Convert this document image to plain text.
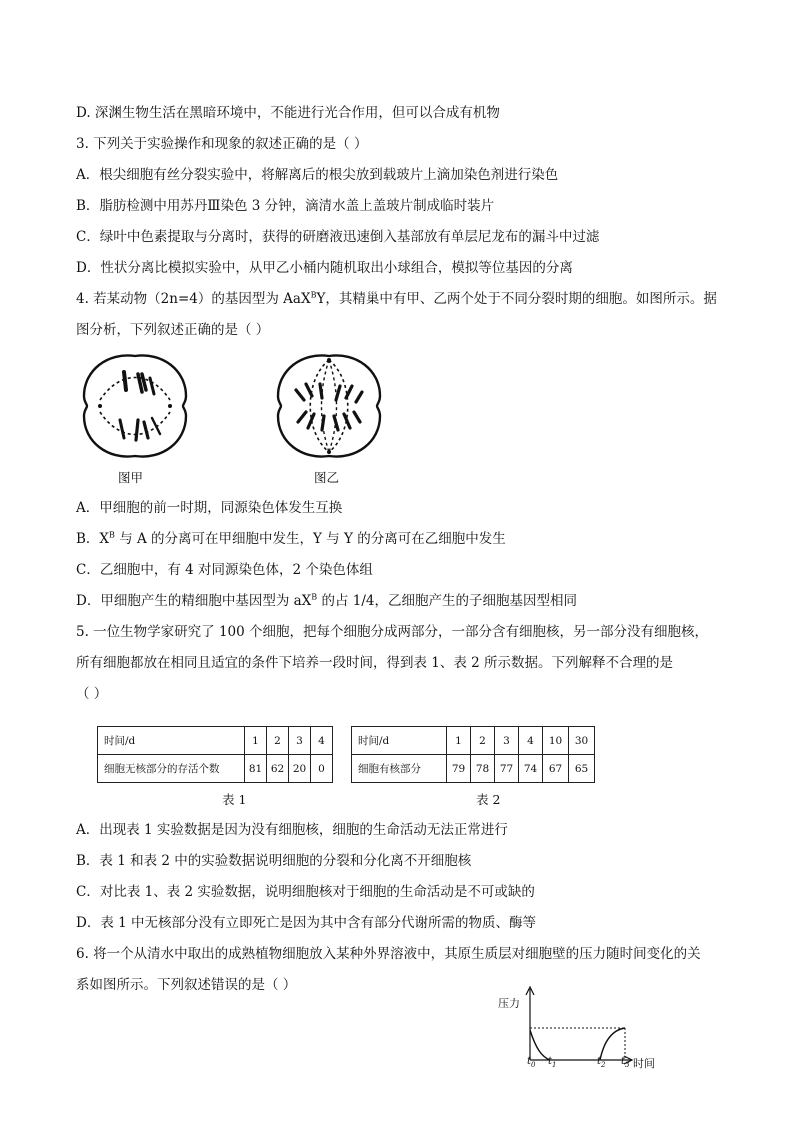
D. 深渊生物生活在黑暗环境中，不能进行光合作用，但可以合成有机物
3. 下列关于实验操作和现象的叙述正确的是（ ）
A．根尖细胞有丝分裂实验中，将解离后的根尖放到载玻片上滴加染色剂进行染色
B．脂肪检测中用苏丹Ⅲ染色 3 分钟，滴清水盖上盖玻片制成临时装片
C．绿叶中色素提取与分离时，获得的研磨液迅速倒入基部放有单层尼龙布的漏斗中过滤
D．性状分离比模拟实验中，从甲乙小桶内随机取出小球组合，模拟等位基因的分离
4. 若某动物（2n=4）的基因型为 AaX$^B$Y，其精巢中有甲、乙两个处于不同分裂时期的细胞。如图所示。据
图分析，下列叙述正确的是（ ）
图甲	图乙
A．甲细胞的前一时期，同源染色体发生互换
B．$X^B$ 与 A 的分离可在甲细胞中发生，Y 与 Y 的分离可在乙细胞中发生
C．乙细胞中，有 4 对同源染色体，2 个染色体组
D．甲细胞产生的精细胞中基因型为 $aX^B$ 的占 1/4，乙细胞产生的子细胞基因型相同
5. 一位生物学家研究了 100 个细胞，把每个细胞分成两部分，一部分含有细胞核，另一部分没有细胞核，
所有细胞都放在相同且适宜的条件下培养一段时间，得到表 1、表 2 所示数据。下列解释不合理的是
（ ）
时间/d	1	2	3	4
细胞无核部分的存活个数	81	62	20	0
表 1
时间/d	1	2	3	4	10	30
细胞有核部分	79	78	77	74	67	65
表 2
A．出现表 1 实验数据是因为没有细胞核，细胞的生命活动无法正常进行
B．表 1 和表 2 中的实验数据说明细胞的分裂和分化离不开细胞核
C．对比表 1、表 2 实验数据，说明细胞核对于细胞的生命活动是不可或缺的
D．表 1 中无核部分没有立即死亡是因为其中含有部分代谢所需的物质、酶等
6. 将一个从清水中取出的成熟植物细胞放入某种外界溶液中，其原生质层对细胞壁的压力随时间变化的关
系如图所示。下列叙述错误的是（ ）
压力
$t_0$ $t_1$	$t_2$ $t_3$ 时间
